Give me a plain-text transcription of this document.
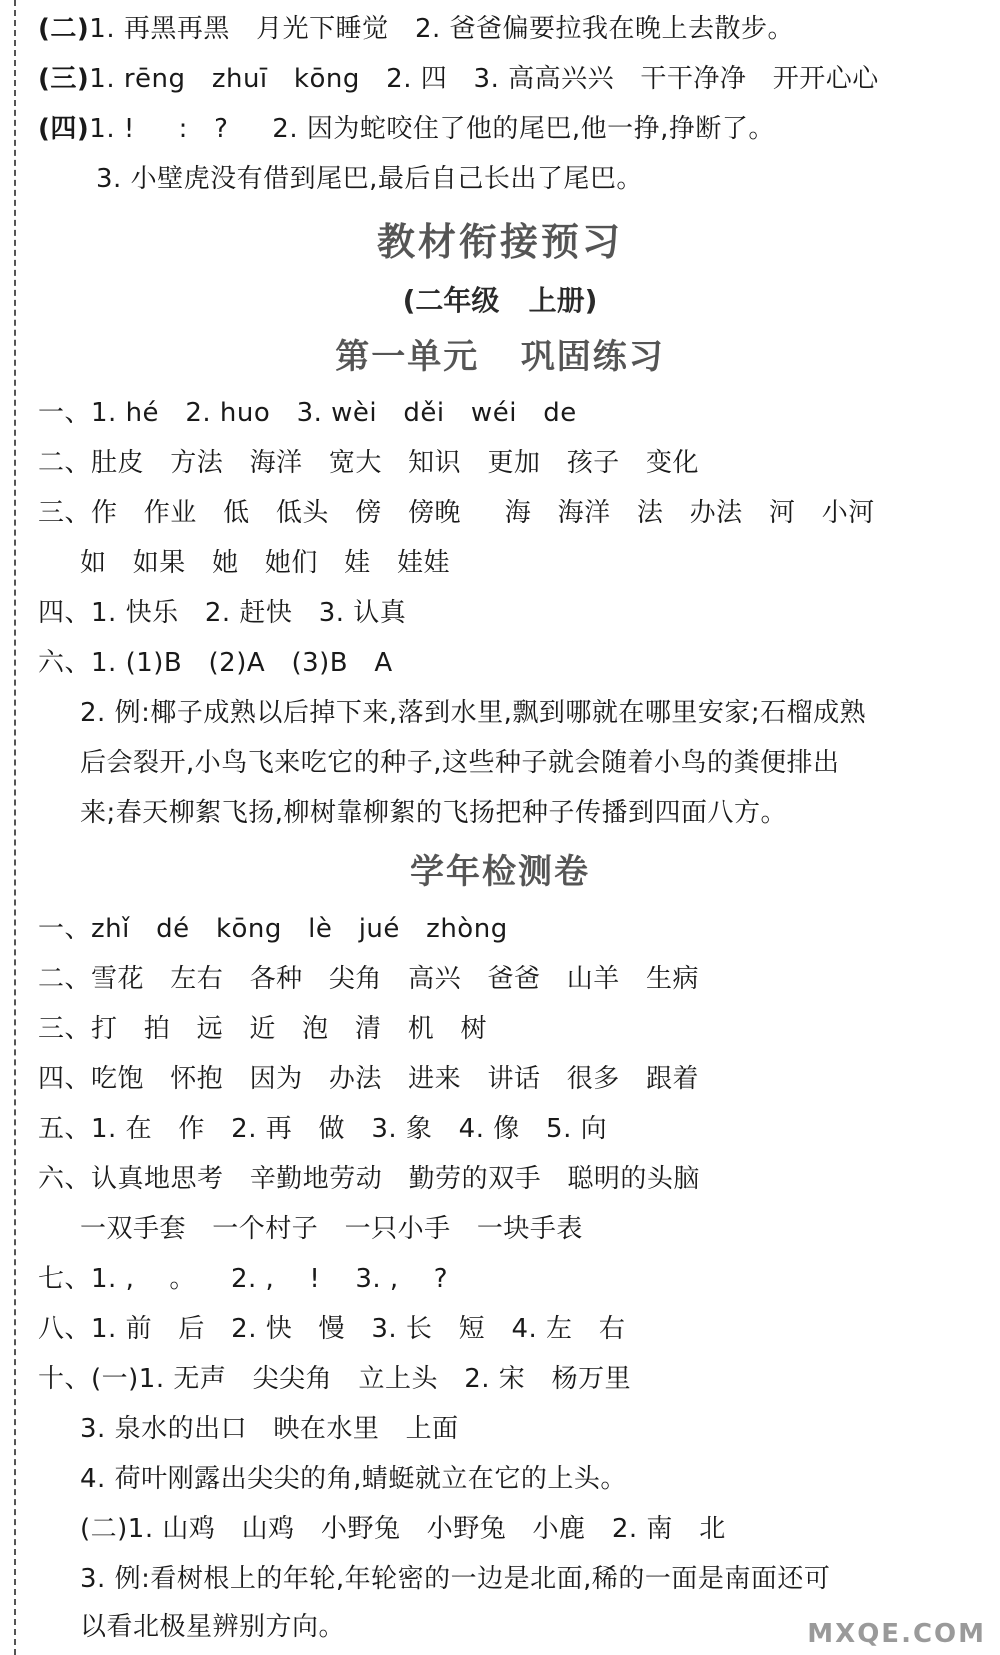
(二)1. 再黑再黑   月光下睡觉   2. 爸爸偏要拉我在晚上去散步。
(三)1. rēng   zhuī   kōng   2. 四   3. 高高兴兴   干干净净   开开心心
(四)1. !     :   ?     2. 因为蛇咬住了他的尾巴,他一挣,挣断了。
3. 小壁虎没有借到尾巴,最后自己长出了尾巴。
教材衔接预习
(二年级   上册)
第一单元   巩固练习
一、1. hé   2. huo   3. wèi   děi   wéi   de
二、肚皮   方法   海洋   宽大   知识   更加   孩子   变化
三、作   作业   低   低头   傍   傍晚     海   海洋   法   办法   河   小河
如   如果   她   她们   娃   娃娃
四、1. 快乐   2. 赶快   3. 认真
六、1. (1)B   (2)A   (3)B   A
2. 例:椰子成熟以后掉下来,落到水里,飘到哪就在哪里安家;石榴成熟
后会裂开,小鸟飞来吃它的种子,这些种子就会随着小鸟的粪便排出
来;春天柳絮飞扬,柳树靠柳絮的飞扬把种子传播到四面八方。
学年检测卷
一、zhǐ   dé   kōng   lè   jué   zhòng
二、雪花   左右   各种   尖角   高兴   爸爸   山羊   生病
三、打   拍   远   近   泡   清   机   树
四、吃饱   怀抱   因为   办法   进来   讲话   很多   跟着
五、1. 在   作   2. 再   做   3. 象   4. 像   5. 向
六、认真地思考   辛勤地劳动   勤劳的双手   聪明的头脑
一双手套   一个村子   一只小手   一块手表
七、1. ,    。    2. ,    !    3. ,    ?
八、1. 前   后   2. 快   慢   3. 长   短   4. 左   右
十、(一)1. 无声   尖尖角   立上头   2. 宋   杨万里
3. 泉水的出口   映在水里   上面
4. 荷叶刚露出尖尖的角,蜻蜓就立在它的上头。
(二)1. 山鸡   山鸡   小野兔   小野兔   小鹿   2. 南   北
3. 例:看树根上的年轮,年轮密的一边是北面,稀的一面是南面还可
以看北极星辨别方向。	MXQE.COM
